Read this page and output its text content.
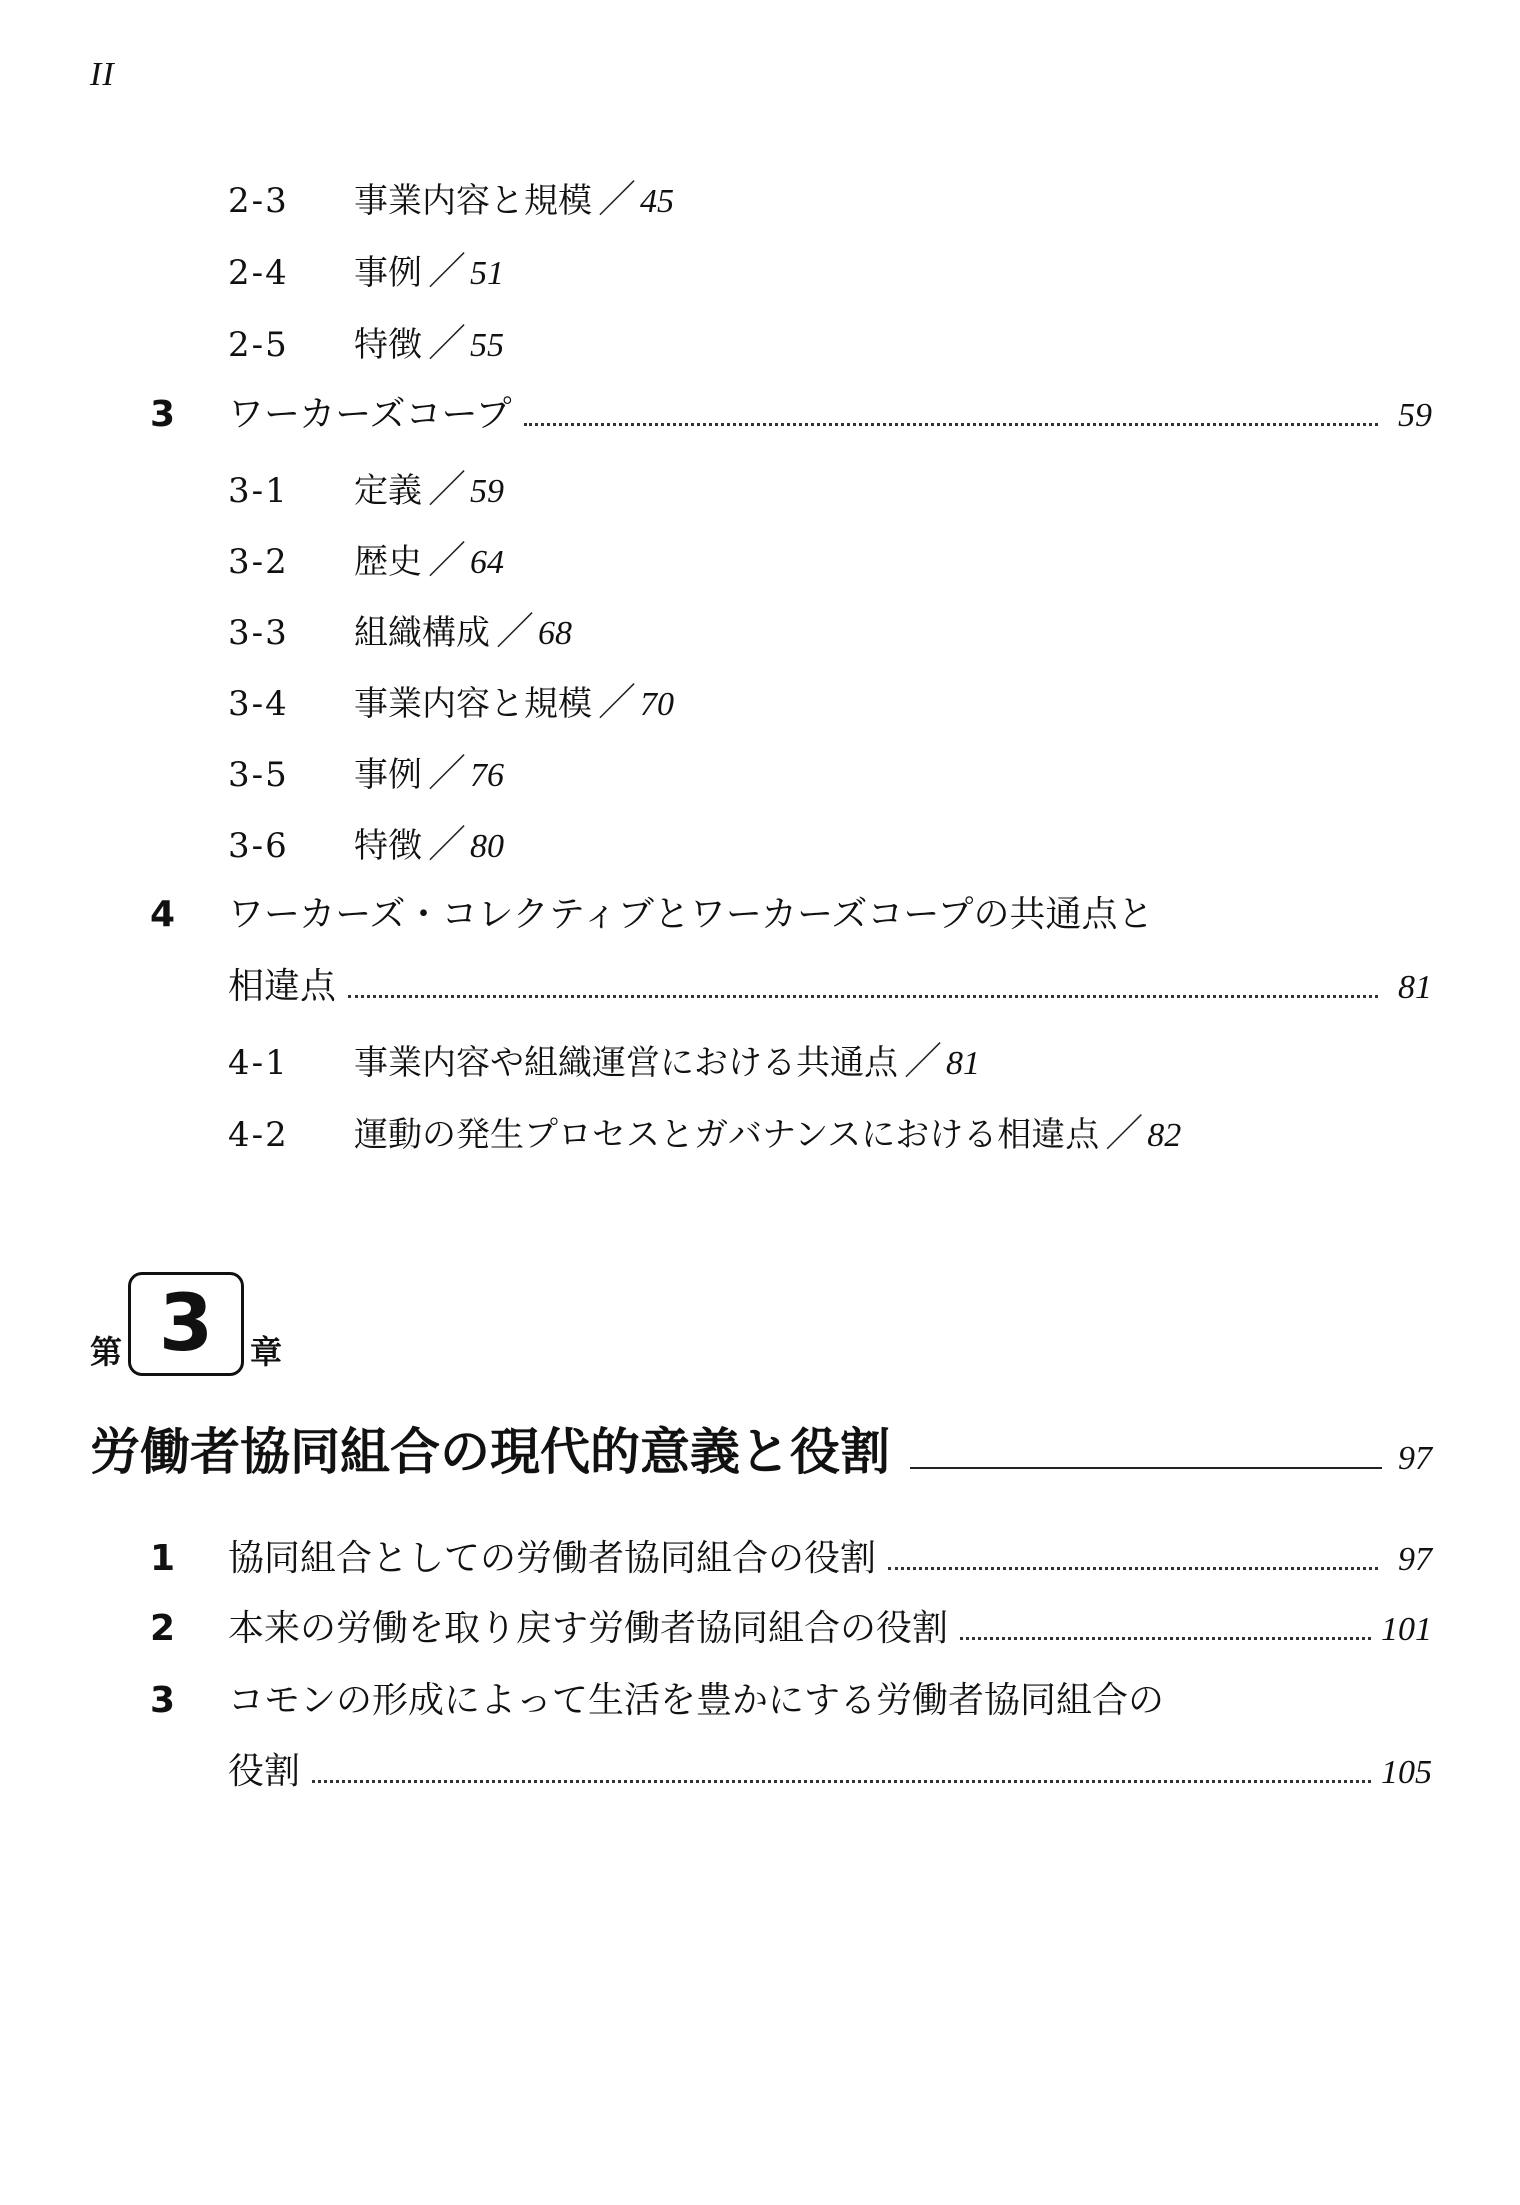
II
2-3	事業内容と規模 ／ 45
2-4	事例 ／ 51
2-5	特徴 ／ 55
3	ワーカーズコープ	59
3-1	定義 ／ 59
3-2	歴史 ／ 64
3-3	組織構成 ／ 68
3-4	事業内容と規模 ／ 70
3-5	事例 ／ 76
3-6	特徴 ／ 80
4	ワーカーズ・コレクティブとワーカーズコープの共通点と
相違点	81
4-1	事業内容や組織運営における共通点 ／ 81
4-2	運動の発生プロセスとガバナンスにおける相違点 ／ 82
第 3 章
労働者協同組合の現代的意義と役割	97
1	協同組合としての労働者協同組合の役割	97
2	本来の労働を取り戻す労働者協同組合の役割	101
3	コモンの形成によって生活を豊かにする労働者協同組合の
役割	105
